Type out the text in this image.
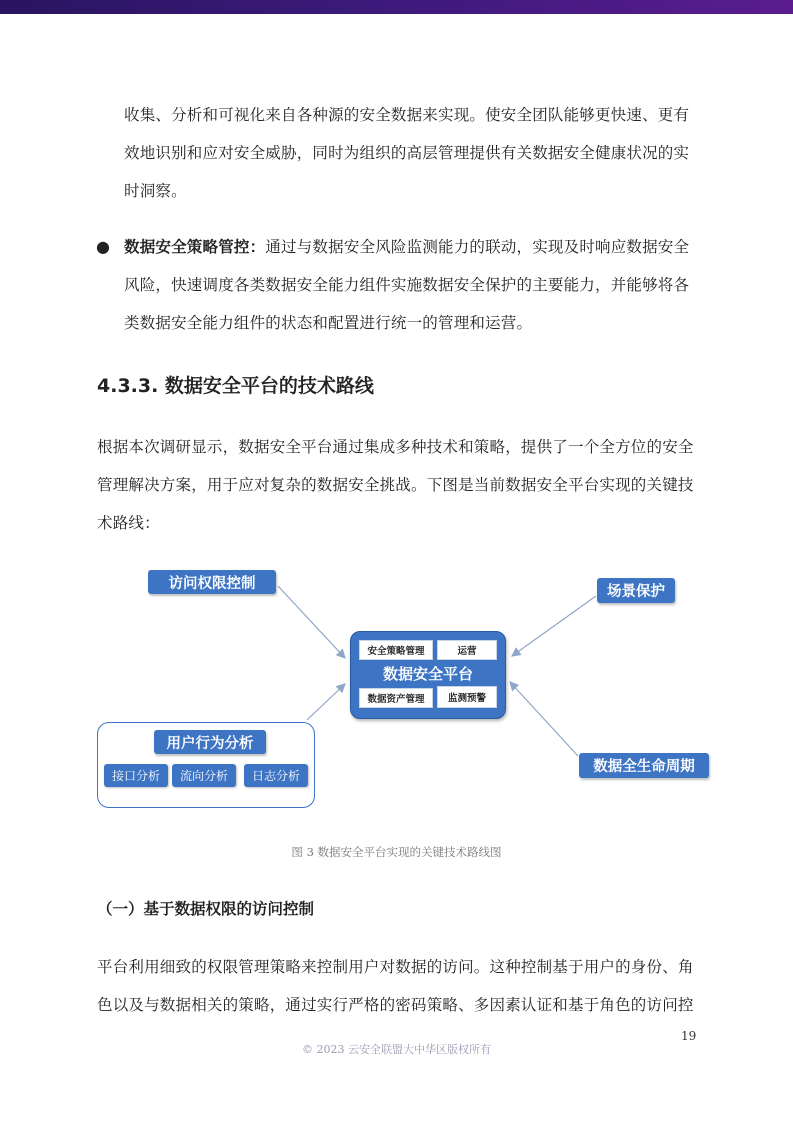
收集、分析和可视化来自各种源的安全数据来实现。使安全团队能够更快速、更有

效地识别和应对安全威胁，同时为组织的高层管理提供有关数据安全健康状况的实

时洞察。

● 数据安全策略管控：通过与数据安全风险监测能力的联动，实现及时响应数据安全

风险，快速调度各类数据安全能力组件实施数据安全保护的主要能力，并能够将各

类数据安全能力组件的状态和配置进行统一的管理和运营。

4.3.3. 数据安全平台的技术路线

根据本次调研显示，数据安全平台通过集成多种技术和策略，提供了一个全方位的安全

管理解决方案，用于应对复杂的数据安全挑战。下图是当前数据安全平台实现的关键技

术路线：

访问权限控制
场景保护
数据全生命周期
安全策略管理	运营
数据安全平台
数据资产管理	监测预警
用户行为分析
接口分析	流向分析	日志分析
图 3 数据安全平台实现的关键技术路线图
（一）基于数据权限的访问控制

平台利用细致的权限管理策略来控制用户对数据的访问。这种控制基于用户的身份、角

色以及与数据相关的策略，通过实行严格的密码策略、多因素认证和基于角色的访问控

19
© 2023 云安全联盟大中华区版权所有
